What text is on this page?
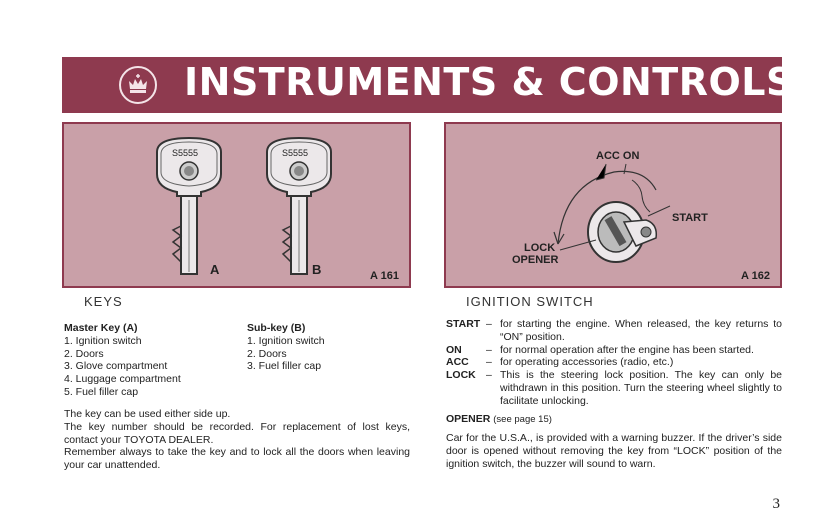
INSTRUMENTS & CONTROLS
S5555	S5555
A	B	A 161
ACC ON
START
LOCK
OPENER
A 162
KEYS
Master Key (A)
1. Ignition switch
2. Doors
3. Glove compartment
4. Luggage compartment
5. Fuel filler cap
Sub-key (B)
1. Ignition switch
2. Doors
3. Fuel filler cap
The key can be used either side up.
The key number should be recorded. For replacement of lost keys, contact your TOYOTA DEALER.
Remember always to take the key and to lock all the doors when leaving your car unattended.
IGNITION SWITCH
START – for starting the engine. When released, the key returns to “ON” position.
ON	– for normal operation after the engine has been started.
ACC	– for operating accessories (radio, etc.)
LOCK – This is the steering lock position. The key can only be withdrawn in this position. Turn the steering wheel slightly to facilitate unlocking.
OPENER (see page 15)
Car for the U.S.A., is provided with a warning buzzer. If the driver’s side door is opened without removing the key from “LOCK” position of the ignition switch, the buzzer will sound to warn.
3
